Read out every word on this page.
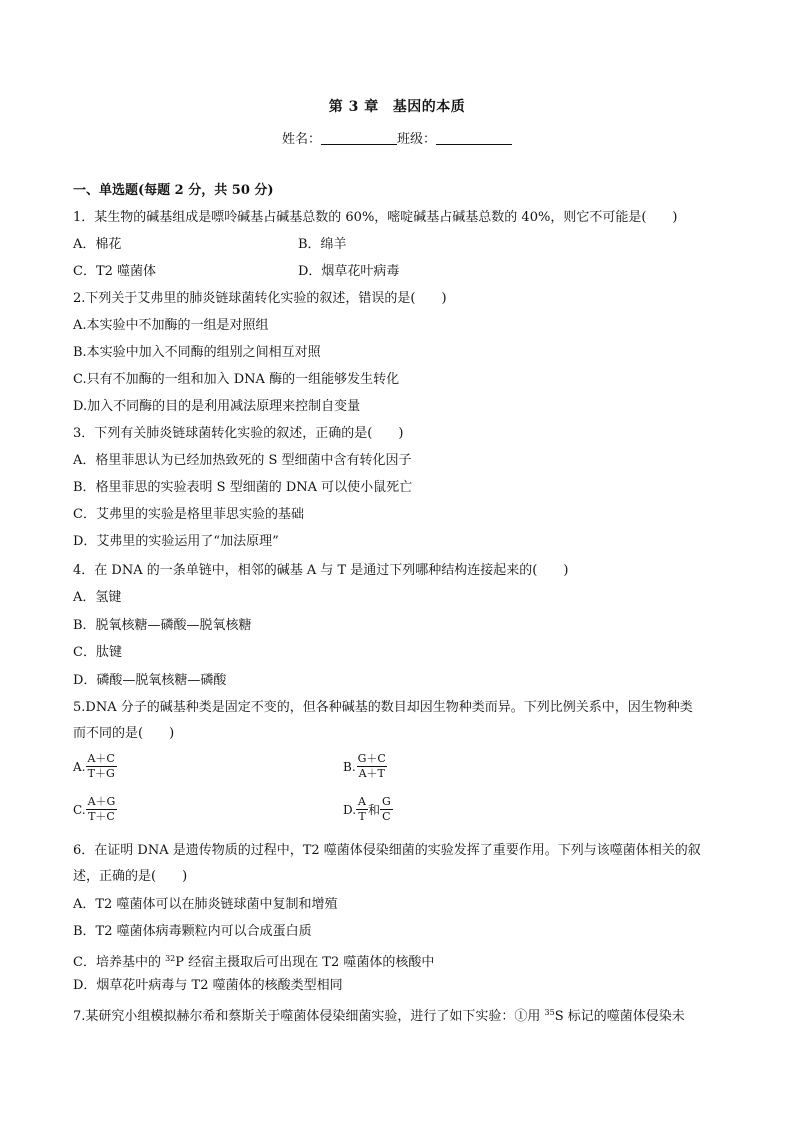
第 3 章 基因的本质
姓名：	班级：
一、单选题(每题 2 分，共 50 分)
1．某生物的碱基组成是嘌呤碱基占碱基总数的 60%，嘧啶碱基占碱基总数的 40%，则它不可能是(　　)
A．棉花	B．绵羊
C．T2 噬菌体	D．烟草花叶病毒
2.下列关于艾弗里的肺炎链球菌转化实验的叙述，错误的是(　　)
A.本实验中不加酶的一组是对照组
B.本实验中加入不同酶的组别之间相互对照
C.只有不加酶的一组和加入 DNA 酶的一组能够发生转化
D.加入不同酶的目的是利用减法原理来控制自变量
3．下列有关肺炎链球菌转化实验的叙述，正确的是(　　)
A．格里菲思认为已经加热致死的 S 型细菌中含有转化因子
B．格里菲思的实验表明 S 型细菌的 DNA 可以使小鼠死亡
C．艾弗里的实验是格里菲思实验的基础
D．艾弗里的实验运用了“加法原理”
4．在 DNA 的一条单链中，相邻的碱基 A 与 T 是通过下列哪种结构连接起来的(　　)
A．氢键
B．脱氧核糖—磷酸—脱氧核糖
C．肽键
D．磷酸—脱氧核糖—磷酸
5.DNA 分子的碱基种类是固定不变的，但各种碱基的数目却因生物种类而异。下列比例关系中，因生物种类
而不同的是(　　)
A. $\frac{A+C}{T+G}$	B. $\frac{G+C}{A+T}$
C. $\frac{A+G}{T+C}$	D. $\frac{A}{T}$ 和 $\frac{G}{C}$
6．在证明 DNA 是遗传物质的过程中，T2 噬菌体侵染细菌的实验发挥了重要作用。下列与该噬菌体相关的叙
述，正确的是(　　)
A．T2 噬菌体可以在肺炎链球菌中复制和增殖
B．T2 噬菌体病毒颗粒内可以合成蛋白质
C．培养基中的 $^{32}$P 经宿主摄取后可出现在 T2 噬菌体的核酸中
D．烟草花叶病毒与 T2 噬菌体的核酸类型相同
7.某研究小组模拟赫尔希和蔡斯关于噬菌体侵染细菌实验，进行了如下实验：①用 $^{35}$S 标记的噬菌体侵染未
